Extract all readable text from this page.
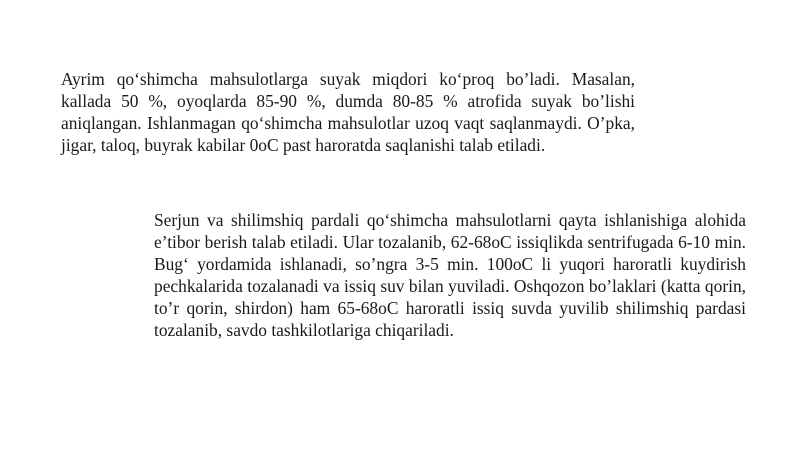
Ayrim qo‘shimcha mahsulotlarga suyak miqdori ko‘proq bo’ladi. Masalan, kallada 50 %, oyoqlarda 85-90 %, dumda 80-85 % atrofida suyak bo’lishi aniqlangan. Ishlanmagan qo‘shimcha mahsulotlar uzoq vaqt saqlanmaydi. O’pka, jigar, taloq, buyrak kabilar 0oC past haroratda saqlanishi talab etiladi.

Serjun va shilimshiq pardali qo‘shimcha mahsulotlarni qayta ishlanishiga alohida e’tibor berish talab etiladi. Ular tozalanib, 62-68oC issiqlikda sentrifugada 6-10 min. Bug‘ yordamida ishlanadi, so’ngra 3-5 min. 100oC li yuqori haroratli kuydirish pechkalarida tozalanadi va issiq suv bilan yuviladi. Oshqozon bo’laklari (katta qorin, to’r qorin, shirdon) ham 65-68oC haroratli issiq suvda yuvilib shilimshiq pardasi tozalanib, savdo tashkilotlariga chiqariladi.
